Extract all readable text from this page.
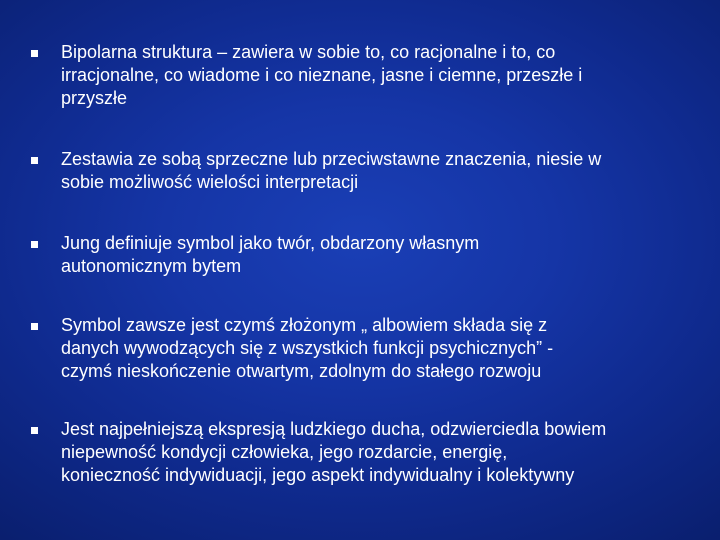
Bipolarna struktura – zawiera w sobie to, co racjonalne i to, co
irracjonalne, co wiadome i co nieznane, jasne i ciemne, przeszłe i
przyszłe
Zestawia ze sobą sprzeczne lub przeciwstawne znaczenia, niesie w
sobie możliwość wielości interpretacji
Jung definiuje symbol jako twór, obdarzony własnym
autonomicznym bytem
Symbol zawsze jest czymś złożonym „ albowiem składa się z
danych wywodzących się z wszystkich funkcji psychicznych” -
czymś nieskończenie otwartym, zdolnym do stałego rozwoju
Jest najpełniejszą ekspresją ludzkiego ducha, odzwierciedla bowiem
niepewność kondycji człowieka, jego rozdarcie, energię,
konieczność indywiduacji, jego aspekt indywidualny i kolektywny
